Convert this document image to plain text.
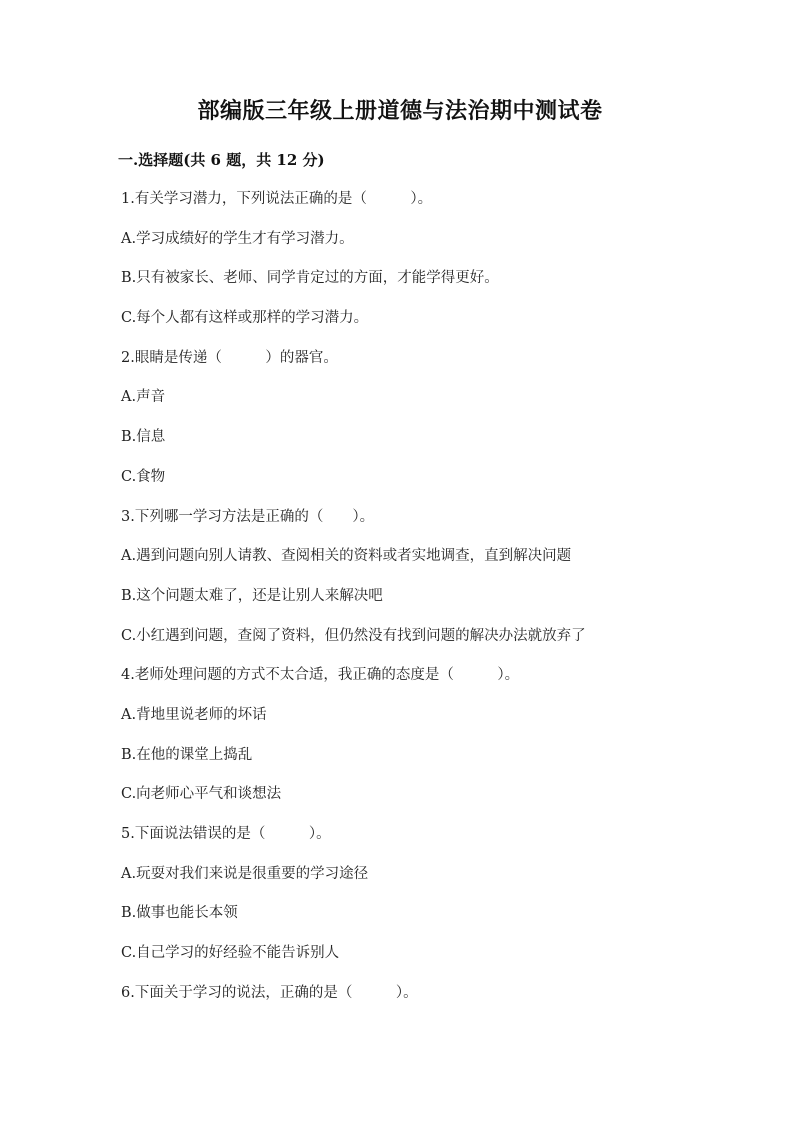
部编版三年级上册道德与法治期中测试卷
一.选择题(共 6 题，共 12 分)
1.有关学习潜力，下列说法正确的是（　　　）。
A.学习成绩好的学生才有学习潜力。
B.只有被家长、老师、同学肯定过的方面，才能学得更好。
C.每个人都有这样或那样的学习潜力。
2.眼睛是传递（　　　）的器官。
A.声音
B.信息
C.食物
3.下列哪一学习方法是正确的（　　）。
A.遇到问题向别人请教、查阅相关的资料或者实地调查，直到解决问题
B.这个问题太难了，还是让别人来解决吧
C.小红遇到问题，查阅了资料，但仍然没有找到问题的解决办法就放弃了
4.老师处理问题的方式不太合适，我正确的态度是（　　　）。
A.背地里说老师的坏话
B.在他的课堂上捣乱
C.向老师心平气和谈想法
5.下面说法错误的是（　　　）。
A.玩耍对我们来说是很重要的学习途径
B.做事也能长本领
C.自己学习的好经验不能告诉别人
6.下面关于学习的说法，正确的是（　　　）。
